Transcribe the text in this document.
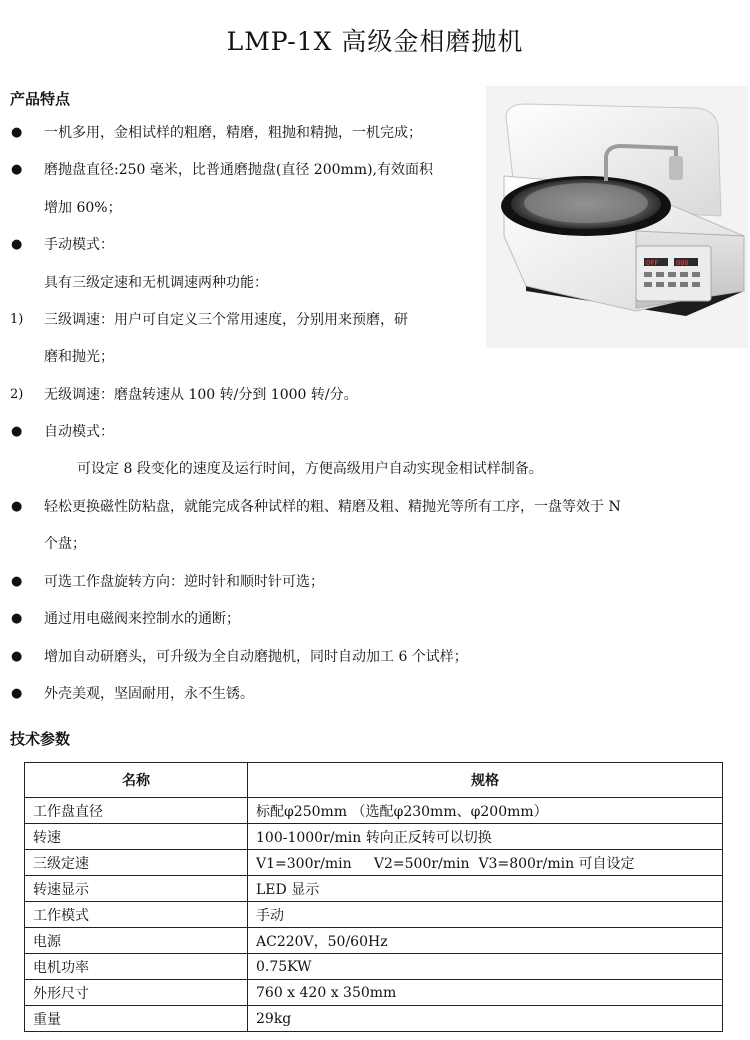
LMP-1X 高级金相磨抛机
产品特点
● 一机多用，金相试样的粗磨，精磨，粗抛和精抛，一机完成；
● 磨抛盘直径:250 毫米，比普通磨抛盘(直径 200mm),有效面积
增加 60%；
● 手动模式：
具有三级定速和无机调速两种功能：
1) 三级调速：用户可自定义三个常用速度，分别用来预磨，研
磨和抛光；
2) 无级调速：磨盘转速从 100 转/分到 1000 转/分。
● 自动模式：
可设定 8 段变化的速度及运行时间，方便高级用户自动实现金相试样制备。
● 轻松更换磁性防粘盘，就能完成各种试样的粗、精磨及粗、精抛光等所有工序，一盘等效于 N
个盘；
● 可选工作盘旋转方向：逆时针和顺时针可选；
● 通过用电磁阀来控制水的通断；
● 增加自动研磨头，可升级为全自动磨抛机，同时自动加工 6 个试样；
● 外壳美观，坚固耐用，永不生锈。
OFF 000
技术参数
名称	规格
工作盘直径	标配φ250mm （选配φ230mm、φ200mm）
转速	100-1000r/min 转向正反转可以切换
三级定速	V1=300r/min     V2=500r/min  V3=800r/min 可自设定
转速显示	LED 显示
工作模式	手动
电源	AC220V，50/60Hz
电机功率	0.75KW
外形尺寸	760 x 420 x 350mm
重量	29kg
